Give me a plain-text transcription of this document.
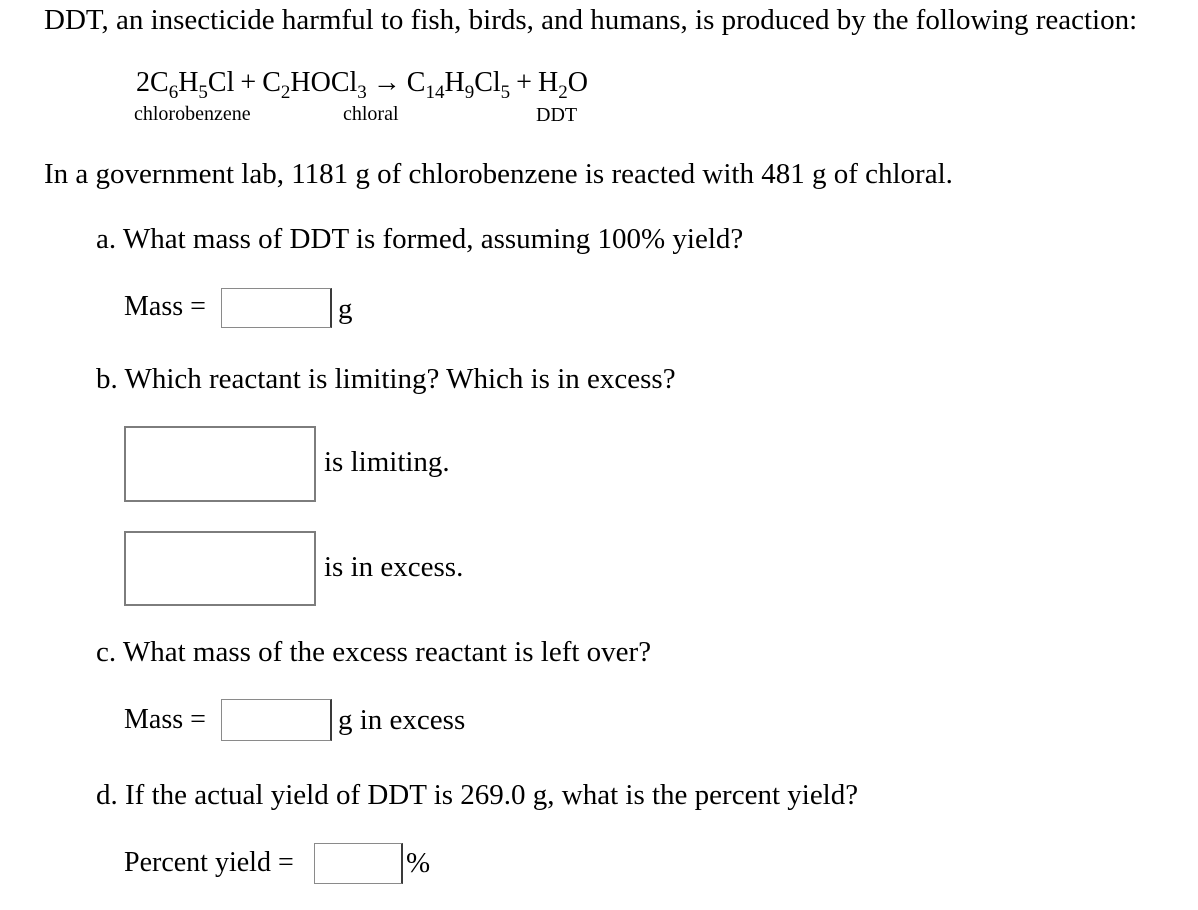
DDT, an insecticide harmful to fish, birds, and humans, is produced by the following reaction:
$2C_6H_5Cl$ + $C_2HOCl_3 \to C_{14}H_9Cl_5 + H_2O$
chlorobenzene	chloral	DDT
In a government lab, 1181 g of chlorobenzene is reacted with 481 g of chloral.
a. What mass of DDT is formed, assuming 100% yield?
Mass =	g
b. Which reactant is limiting? Which is in excess?
is limiting.
is in excess.
c. What mass of the excess reactant is left over?
Mass =	g in excess
d. If the actual yield of DDT is 269.0 g, what is the percent yield?
Percent yield =	%
